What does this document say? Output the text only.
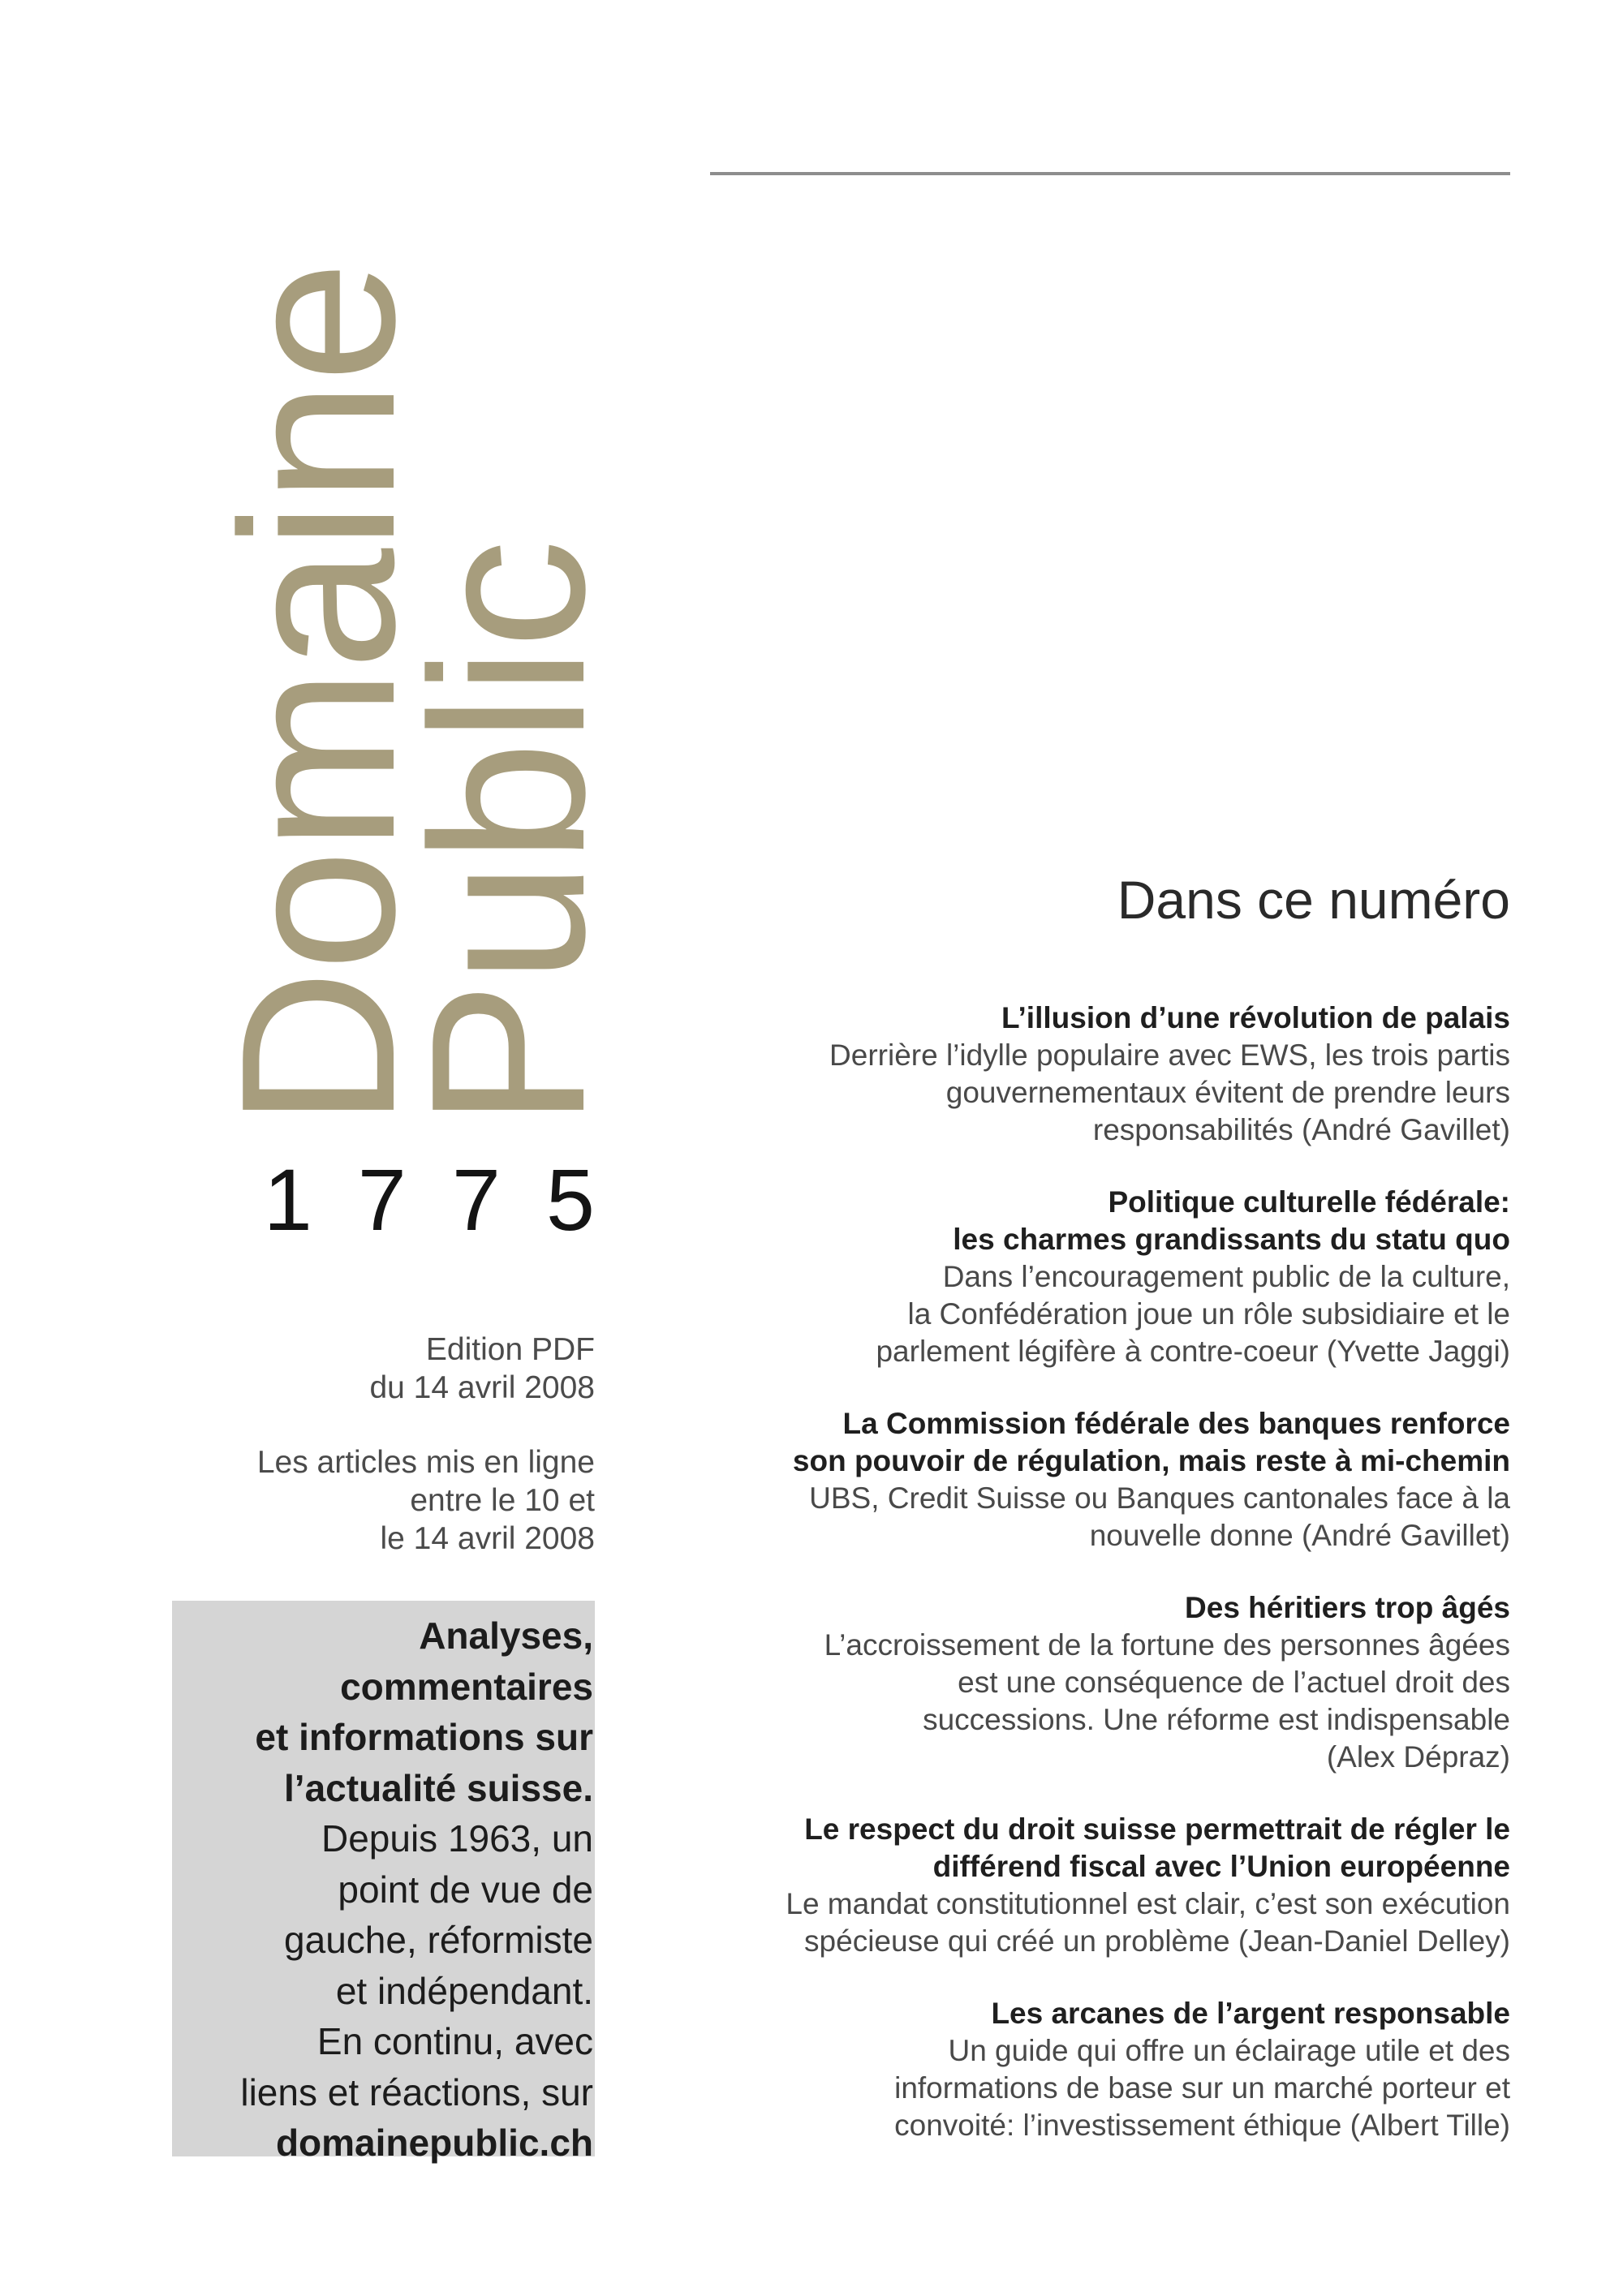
Domaine
Public
1775

Edition PDF
du 14 avril 2008

Les articles mis en ligne
entre le 10 et
le 14 avril 2008

Analyses,
commentaires
et informations sur
l’actualité suisse.
Depuis 1963, un
point de vue de
gauche, réformiste
et indépendant.
En continu, avec
liens et réactions, sur
domainepublic.ch
Dans ce numéro
L’illusion d’une révolution de palais
Derrière l’idylle populaire avec EWS, les trois partis
gouvernementaux évitent de prendre leurs
responsabilités (André Gavillet)
Politique culturelle fédérale:
les charmes grandissants du statu quo
Dans l’encouragement public de la culture,
la Confédération joue un rôle subsidiaire et le
parlement légifère à contre-coeur (Yvette Jaggi)
La Commission fédérale des banques renforce
son pouvoir de régulation, mais reste à mi-chemin
UBS, Credit Suisse ou Banques cantonales face à la
nouvelle donne (André Gavillet)
Des héritiers trop âgés
L’accroissement de la fortune des personnes âgées
est une conséquence de l’actuel droit des
successions. Une réforme est indispensable
(Alex Dépraz)
Le respect du droit suisse permettrait de régler le
différend fiscal avec l’Union européenne
Le mandat constitutionnel est clair, c’est son exécution
spécieuse qui créé un problème (Jean-Daniel Delley)
Les arcanes de l’argent responsable
Un guide qui offre un éclairage utile et des
informations de base sur un marché porteur et
convoité: l’investissement éthique (Albert Tille)
